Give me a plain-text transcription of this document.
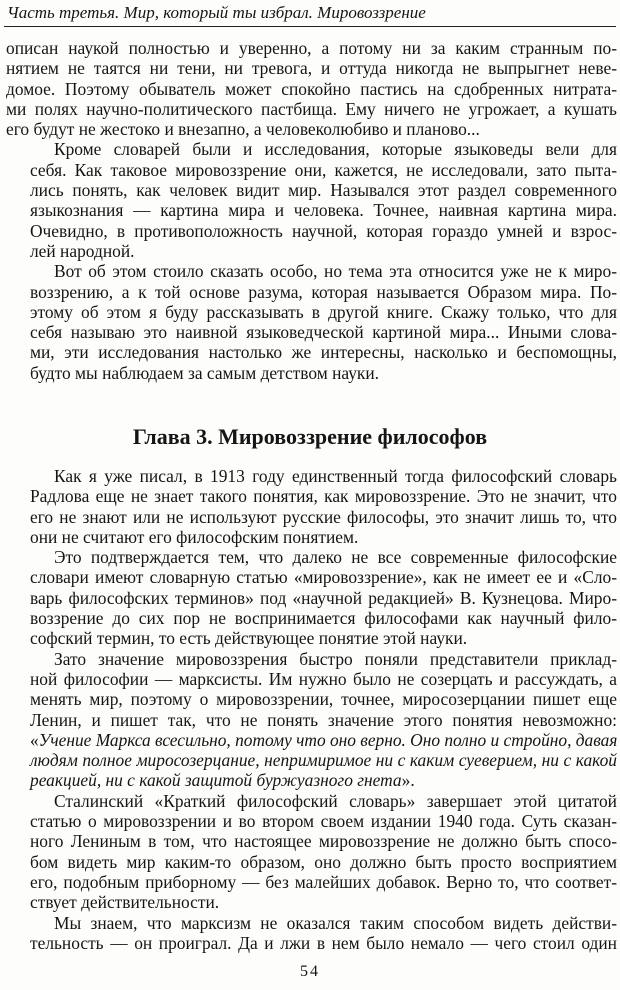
Часть третья. Мир, который ты избрал. Мировоззрение

описан наукой полностью и уверенно, а потому ни за каким странным по-
нятием не таятся ни тени, ни тревога, и оттуда никогда не выпрыгнет неве-
домое. Поэтому обыватель может спокойно пастись на сдобренных нитрата-
ми полях научно-политического пастбища. Ему ничего не угрожает, а кушать
его будут не жестоко и внезапно, а человеколюбиво и планово...

Кроме словарей были и исследования, которые языковеды вели для
себя. Как таковое мировоззрение они, кажется, не исследовали, зато пыта-
лись понять, как человек видит мир. Назывался этот раздел современного
языкознания — картина мира и человека. Точнее, наивная картина мира.
Очевидно, в противоположность научной, которая гораздо умней и взрос-
лей народной.

Вот об этом стоило сказать особо, но тема эта относится уже не к миро-
воззрению, а к той основе разума, которая называется Образом мира. По-
этому об этом я буду рассказывать в другой книге. Скажу только, что для
себя называю это наивной языковедческой картиной мира... Иными слова-
ми, эти исследования настолько же интересны, насколько и беспомощны,
будто мы наблюдаем за самым детством науки.

Глава 3. Мировоззрение философов

Как я уже писал, в 1913 году единственный тогда философский словарь
Радлова еще не знает такого понятия, как мировоззрение. Это не значит, что
его не знают или не используют русские философы, это значит лишь то, что
они не считают его философским понятием.

Это подтверждается тем, что далеко не все современные философские
словари имеют словарную статью «мировоззрение», как не имеет ее и «Сло-
варь философских терминов» под «научной редакцией» В. Кузнецова. Миро-
воззрение до сих пор не воспринимается философами как научный фило-
софский термин, то есть действующее понятие этой науки.

Зато значение мировоззрения быстро поняли представители приклад-
ной философии — марксисты. Им нужно было не созерцать и рассуждать, а
менять мир, поэтому о мировоззрении, точнее, миросозерцании пишет еще
Ленин, и пишет так, что не понять значение этого понятия невозможно:
«Учение Маркса всесильно, потому что оно верно. Оно полно и стройно, давая
людям полное миросозерцание, непримиримое ни с каким суеверием, ни с какой
реакцией, ни с какой защитой буржуазного гнета».

Сталинский «Краткий философский словарь» завершает этой цитатой
статью о мировоззрении и во втором своем издании 1940 года. Суть сказан-
ного Лениным в том, что настоящее мировоззрение не должно быть спосо-
бом видеть мир каким-то образом, оно должно быть просто восприятием
его, подобным приборному — без малейших добавок. Верно то, что соответ-
ствует действительности.

Мы знаем, что марксизм не оказался таким способом видеть действи-
тельность — он проиграл. Да и лжи в нем было немало — чего стоил один

54
